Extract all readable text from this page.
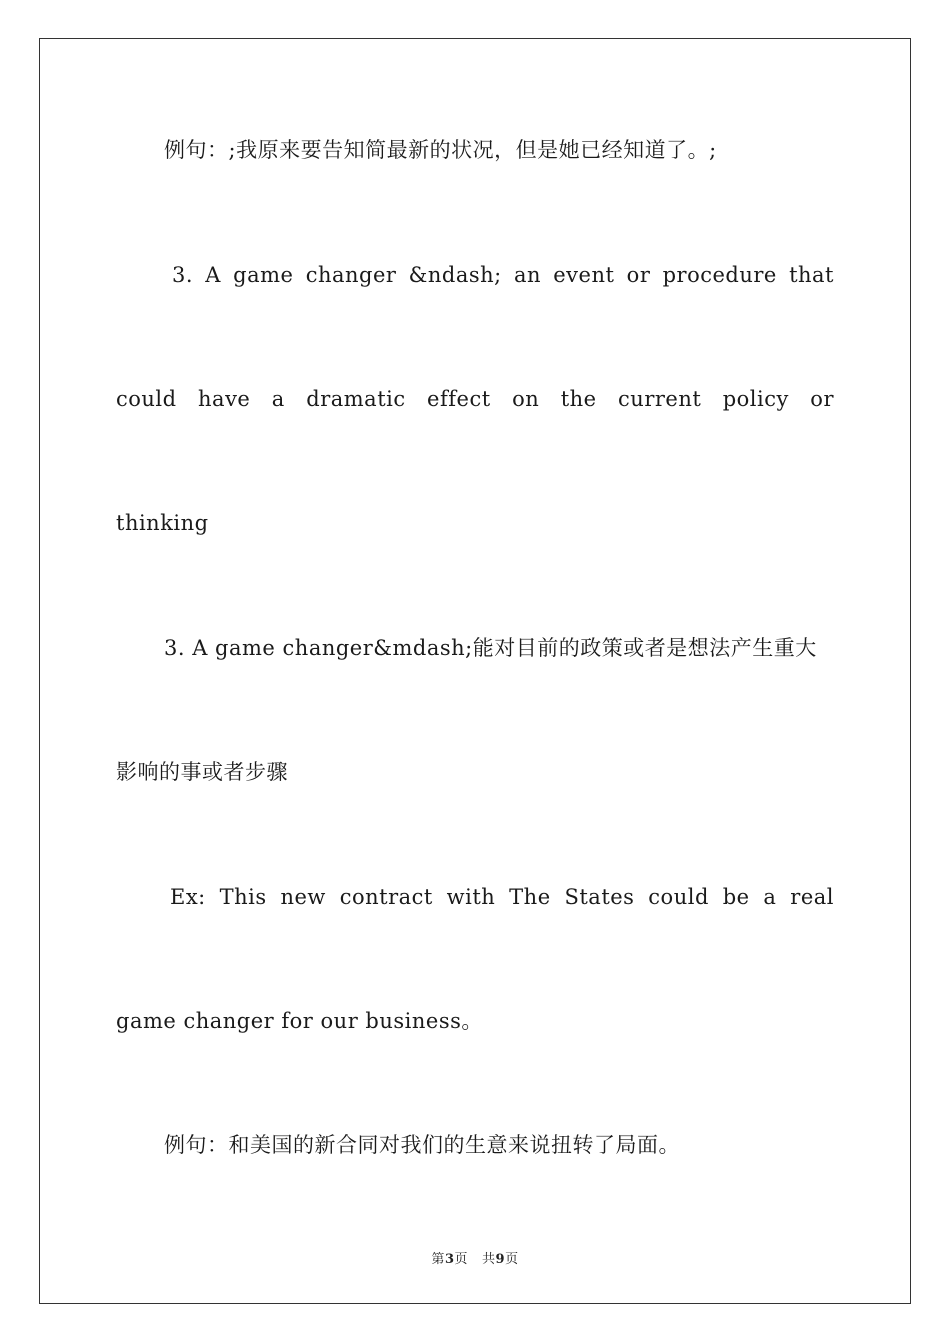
例句：;我原来要告知简最新的状况，但是她已经知道了。;
3. A game changer &ndash; an event or procedure that
could have a dramatic effect on the current policy or
thinking
3. A game changer&mdash;能对目前的政策或者是想法产生重大
影响的事或者步骤
Ex: This new contract with The States could be a real
game changer for our business。
例句：和美国的新合同对我们的生意来说扭转了局面。
第3页 共9页
